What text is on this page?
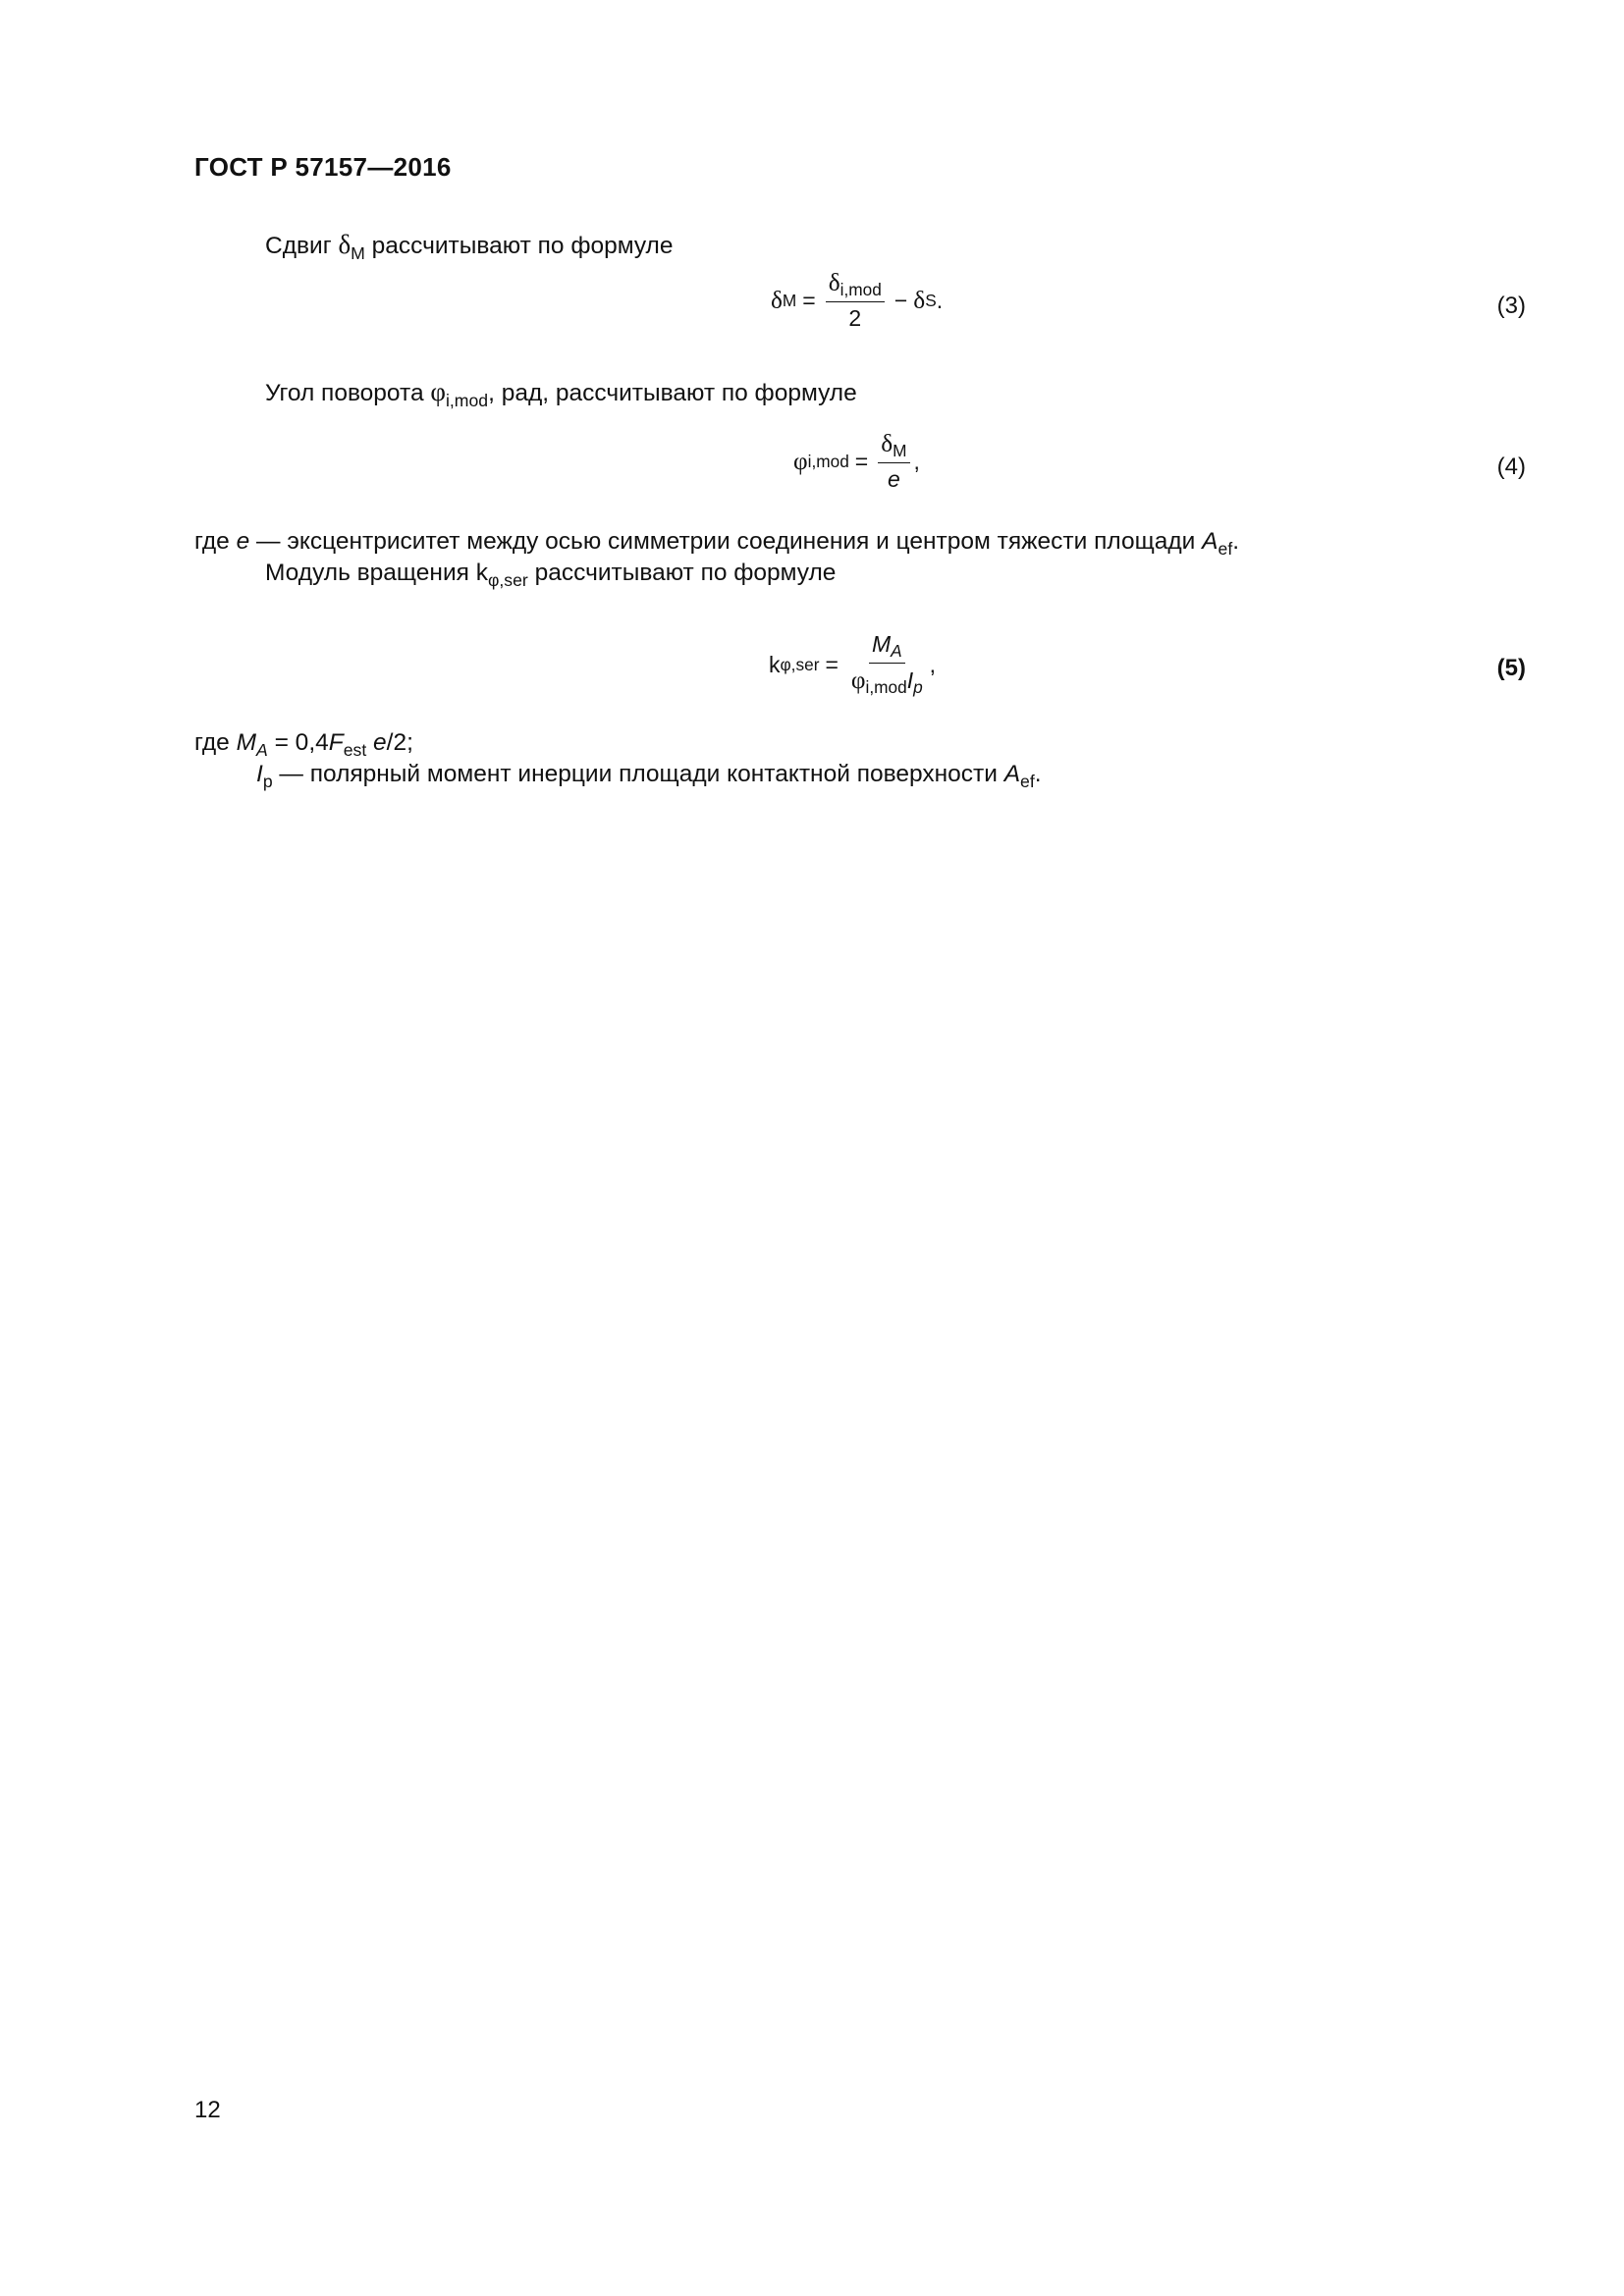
ГОСТ Р 57157—2016
Сдвиг $\delta_M$ рассчитывают по формуле
δ $M = \frac{\delta_{i,mod}}{2} - \delta$ S .	(3)
Угол поворота $\varphi_{i,mod}$, рад, рассчитывают по формуле
φ $i,mod = \frac{\delta_M}{e}$ ,	(4)
где e — эксцентриситет между осью симметрии соединения и центром тяжести площади $A_{ef}$.
Модуль вращения $k_{\varphi,ser}$ рассчитывают по формуле
k $\varphi,ser = \frac{M_A}{\varphi_{i,mod}I_p}$ ,	(5)
где $M_A = 0,4F_{est}$ e/2;
$I_p$ — полярный момент инерции площади контактной поверхности $A_{ef}$.
12
